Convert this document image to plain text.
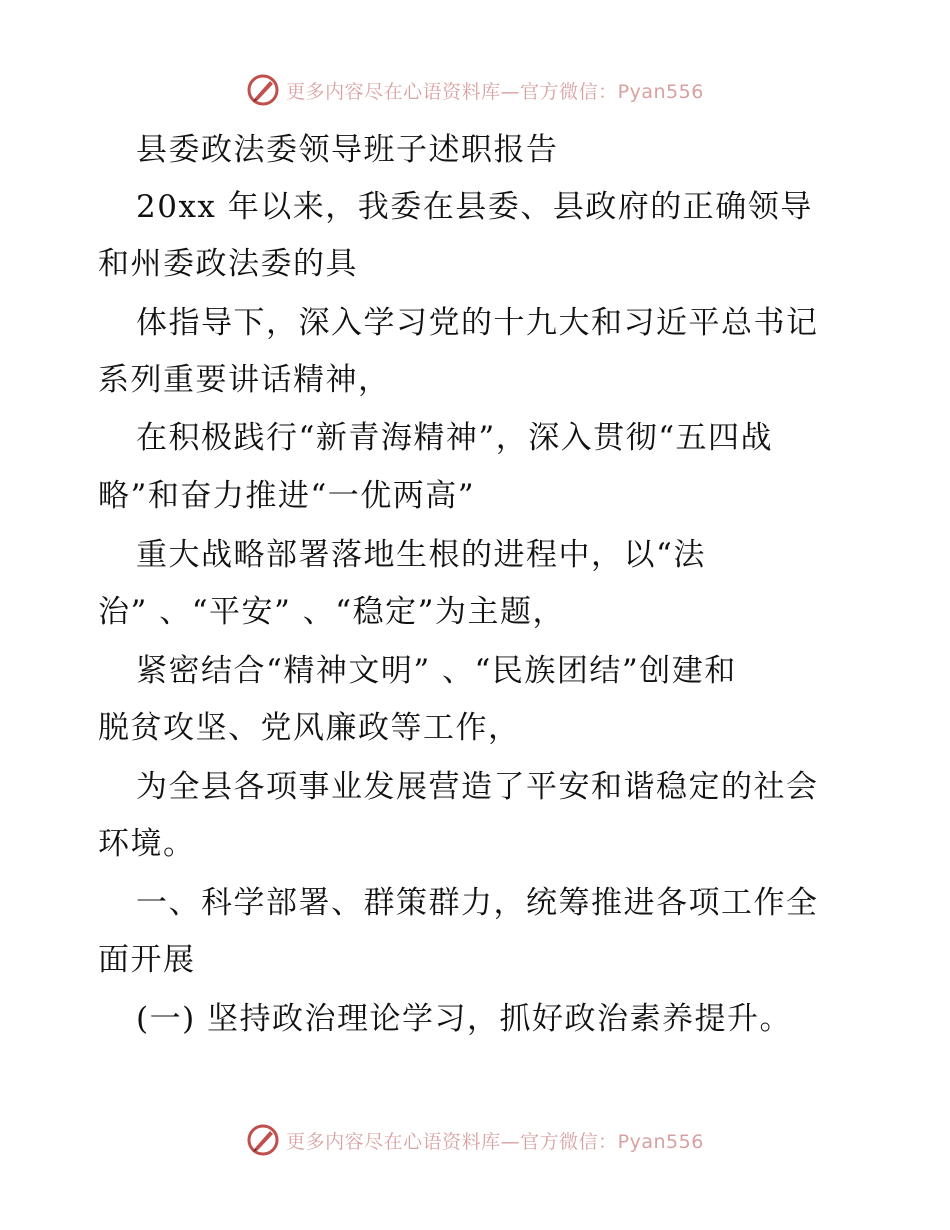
更多内容尽在心语资料库—官方微信：Pyan556
县委政法委领导班子述职报告
20xx 年以来，我委在县委、县政府的正确领导
和州委政法委的具
体指导下，深入学习党的十九大和习近平总书记
系列重要讲话精神，
在积极践行“新青海精神”，深入贯彻“五四战
略”和奋力推进“一优两高”
重大战略部署落地生根的进程中，以“法
治” 、“平安” 、“稳定”为主题，
紧密结合“精神文明” 、“民族团结”创建和
脱贫攻坚、党风廉政等工作，
为全县各项事业发展营造了平安和谐稳定的社会
环境。
一、科学部署、群策群力，统筹推进各项工作全
面开展
(一) 坚持政治理论学习，抓好政治素养提升。
更多内容尽在心语资料库—官方微信：Pyan556
